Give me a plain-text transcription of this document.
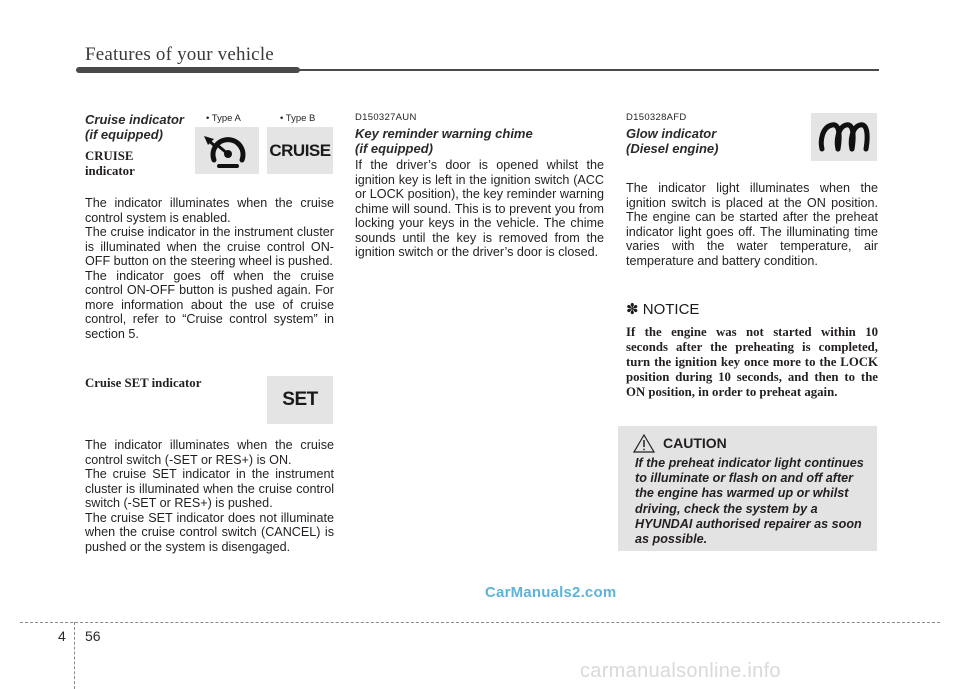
Features of your vehicle
Cruise indicator
(if equipped)
• Type A	• Type B
CRUISE
CRUISE
indicator
The indicator illuminates when the cruise control system is enabled.
The cruise indicator in the instrument cluster is illuminated when the cruise control ON-OFF button on the steering wheel is pushed.
The indicator goes off when the cruise control ON-OFF button is pushed again. For more information about the use of cruise control, refer to “Cruise control system” in section 5.
Cruise SET indicator
SET
The indicator illuminates when the cruise control switch (-SET or RES+) is ON.
The cruise SET indicator in the instrument cluster is illuminated when the cruise control switch (-SET or RES+) is pushed.
The cruise SET indicator does not illuminate when the cruise control switch (CANCEL) is pushed or the system is disengaged.
D150327AUN
Key reminder warning chime
(if equipped)
If the driver’s door is opened whilst the ignition key is left in the ignition switch (ACC or LOCK position), the key reminder warning chime will sound. This is to prevent you from locking your keys in the vehicle. The chime sounds until the key is removed from the ignition switch or the driver’s door is closed.
D150328AFD
Glow indicator
(Diesel engine)
The indicator light illuminates when the ignition switch is placed at the ON position. The engine can be started after the preheat indicator light goes off. The illuminating time varies with the water temperature, air temperature and battery condition.
✽ NOTICE
If the engine was not started within 10 seconds after the preheating is completed, turn the ignition key once more to the LOCK position during 10 seconds, and then to the ON position, in order to preheat again.
CAUTION
If the preheat indicator light continues to illuminate or flash on and off after the engine has warmed up or whilst driving, check the system by a HYUNDAI authorised repairer as soon as possible.
CarManuals2.com
4 56
carmanualsonline.info
